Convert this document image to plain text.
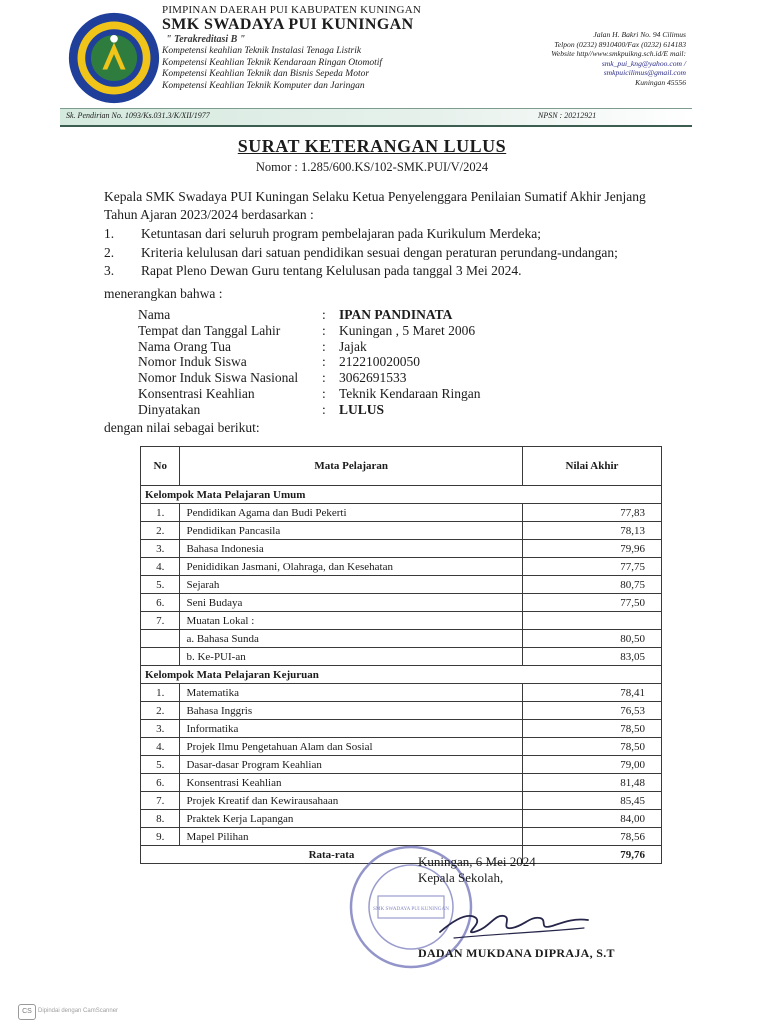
PIMPINAN DAERAH PUI KABUPATEN KUNINGAN
SMK SWADAYA PUI KUNINGAN
" Terakreditasi B "
Kompetensi keahlian Teknik Instalasi Tenaga Listrik
Kompetensi Keahlian Teknik Kendaraan Ringan Otomotif
Kompetensi Keahlian Teknik dan Bisnis Sepeda Motor
Kompetensi Keahlian Teknik Komputer dan Jaringan
Jalan H. Bakri No. 94 Cilimus
Telpon (0232) 8910400/Fax (0232) 614183
Website http//www.smkpuikng.sch.id/E mail:
smk_pui_kng@yahoo.com /
smkpuicilimus@gmail.com
Kuningan 45556
Sk. Pendirian No. 1093/Ks.031.3/K/XII/1977	NPSN : 20212921
SURAT KETERANGAN LULUS
Nomor : 1.285/600.KS/102-SMK.PUI/V/2024
Kepala SMK Swadaya PUI Kuningan Selaku Ketua Penyelenggara Penilaian Sumatif Akhir Jenjang
Tahun Ajaran 2023/2024 berdasarkan :
1. Ketuntasan dari seluruh program pembelajaran pada Kurikulum Merdeka;
2. Kriteria kelulusan dari satuan pendidikan sesuai dengan peraturan perundang-undangan;
3. Rapat Pleno Dewan Guru tentang Kelulusan pada tanggal 3 Mei 2024.
menerangkan bahwa :
Nama	: IPAN PANDINATA
Tempat dan Tanggal Lahir	: Kuningan , 5 Maret 2006
Nama Orang Tua	: Jajak
Nomor Induk Siswa	: 212210020050
Nomor Induk Siswa Nasional : 3062691533
Konsentrasi Keahlian	: Teknik Kendaraan Ringan
Dinyatakan	: LULUS
dengan nilai sebagai berikut:
No	Mata Pelajaran	Nilai Akhir
Kelompok Mata Pelajaran Umum		
1.	Pendidikan Agama dan Budi Pekerti	77,83
2.	Pendidikan Pancasila	78,13
3.	Bahasa Indonesia	79,96
4.	Penididikan Jasmani, Olahraga, dan Kesehatan	77,75
5.	Sejarah	80,75
6.	Seni Budaya	77,50
7.	Muatan Lokal :	
	a. Bahasa Sunda	80,50
	b. Ke-PUI-an	83,05
Kelompok Mata Pelajaran Kejuruan		
1.	Matematika	78,41
2.	Bahasa Inggris	76,53
3.	Informatika	78,50
4.	Projek Ilmu Pengetahuan Alam dan Sosial	78,50
5.	Dasar-dasar Program Keahlian	79,00
6.	Konsentrasi Keahlian	81,48
7.	Projek Kreatif dan Kewirausahaan	85,45
8.	Praktek Kerja Lapangan	84,00
9.	Mapel Pilihan	78,56
Rata-rata		79,76
SMK SWADAYA PUI KUNINGAN
Kuningan, 6 Mei 2024
Kepala Sekolah,
DADAN MUKDANA DIPRAJA, S.T
CS	Dipindai dengan CamScanner
